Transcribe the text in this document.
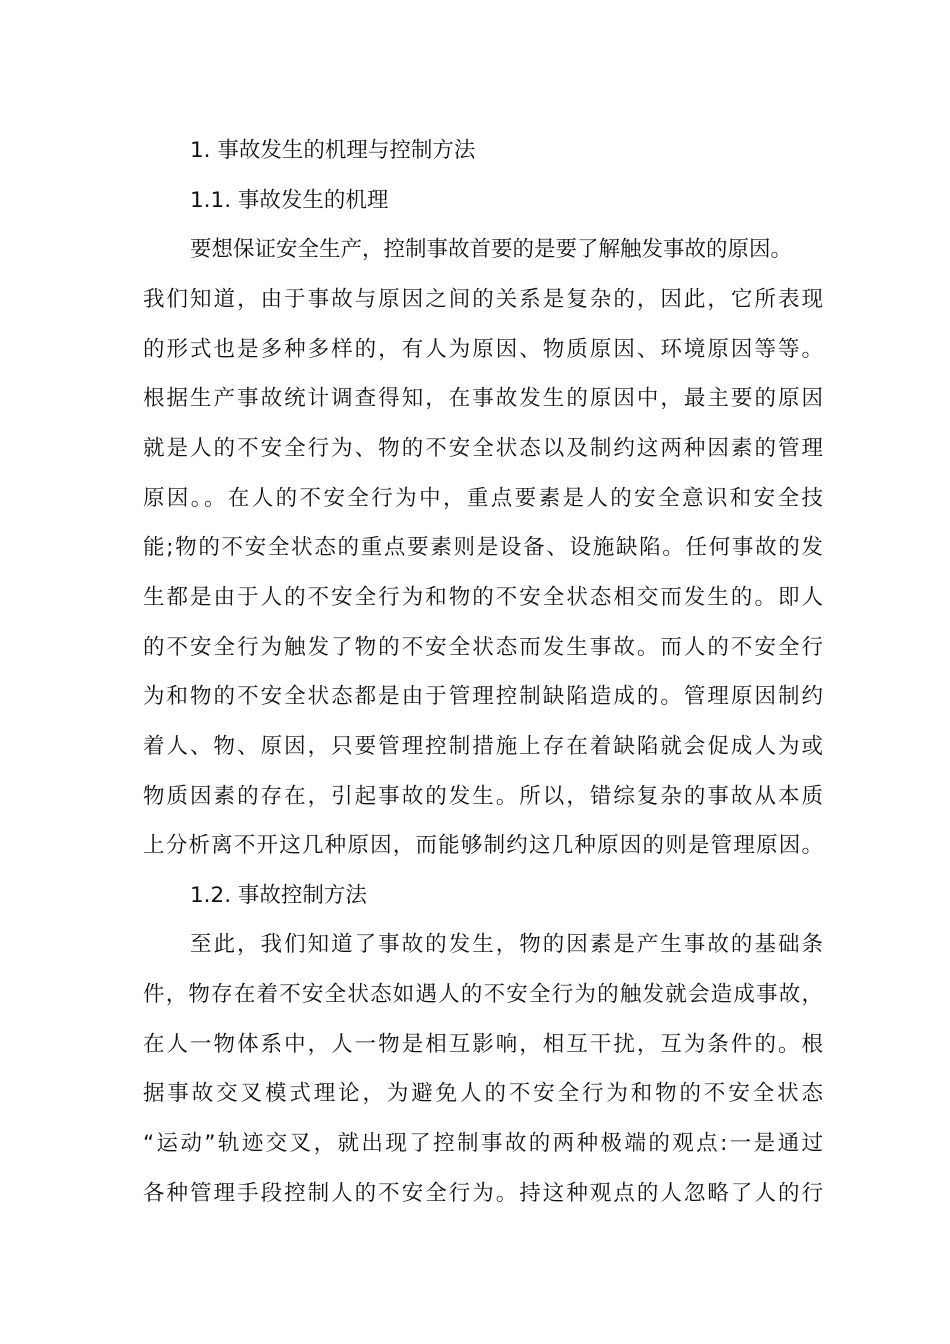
1. 事故发生的机理与控制方法
1.1. 事故发生的机理
要想保证安全生产，控制事故首要的是要了解触发事故的原因。
我们知道，由于事故与原因之间的关系是复杂的，因此，它所表现
的形式也是多种多样的，有人为原因、物质原因、环境原因等等。
根据生产事故统计调查得知，在事故发生的原因中，最主要的原因
就是人的不安全行为、物的不安全状态以及制约这两种因素的管理
原因。。在人的不安全行为中，重点要素是人的安全意识和安全技
能;物的不安全状态的重点要素则是设备、设施缺陷。任何事故的发
生都是由于人的不安全行为和物的不安全状态相交而发生的。即人
的不安全行为触发了物的不安全状态而发生事故。而人的不安全行
为和物的不安全状态都是由于管理控制缺陷造成的。管理原因制约
着人、物、原因，只要管理控制措施上存在着缺陷就会促成人为或
物质因素的存在，引起事故的发生。所以，错综复杂的事故从本质
上分析离不开这几种原因，而能够制约这几种原因的则是管理原因。
1.2. 事故控制方法
至此，我们知道了事故的发生，物的因素是产生事故的基础条
件，物存在着不安全状态如遇人的不安全行为的触发就会造成事故，
在人一物体系中，人一物是相互影响，相互干扰，互为条件的。根
据事故交叉模式理论，为避免人的不安全行为和物的不安全状态
“运动”轨迹交叉，就出现了控制事故的两种极端的观点:一是通过
各种管理手段控制人的不安全行为。持这种观点的人忽略了人的行
